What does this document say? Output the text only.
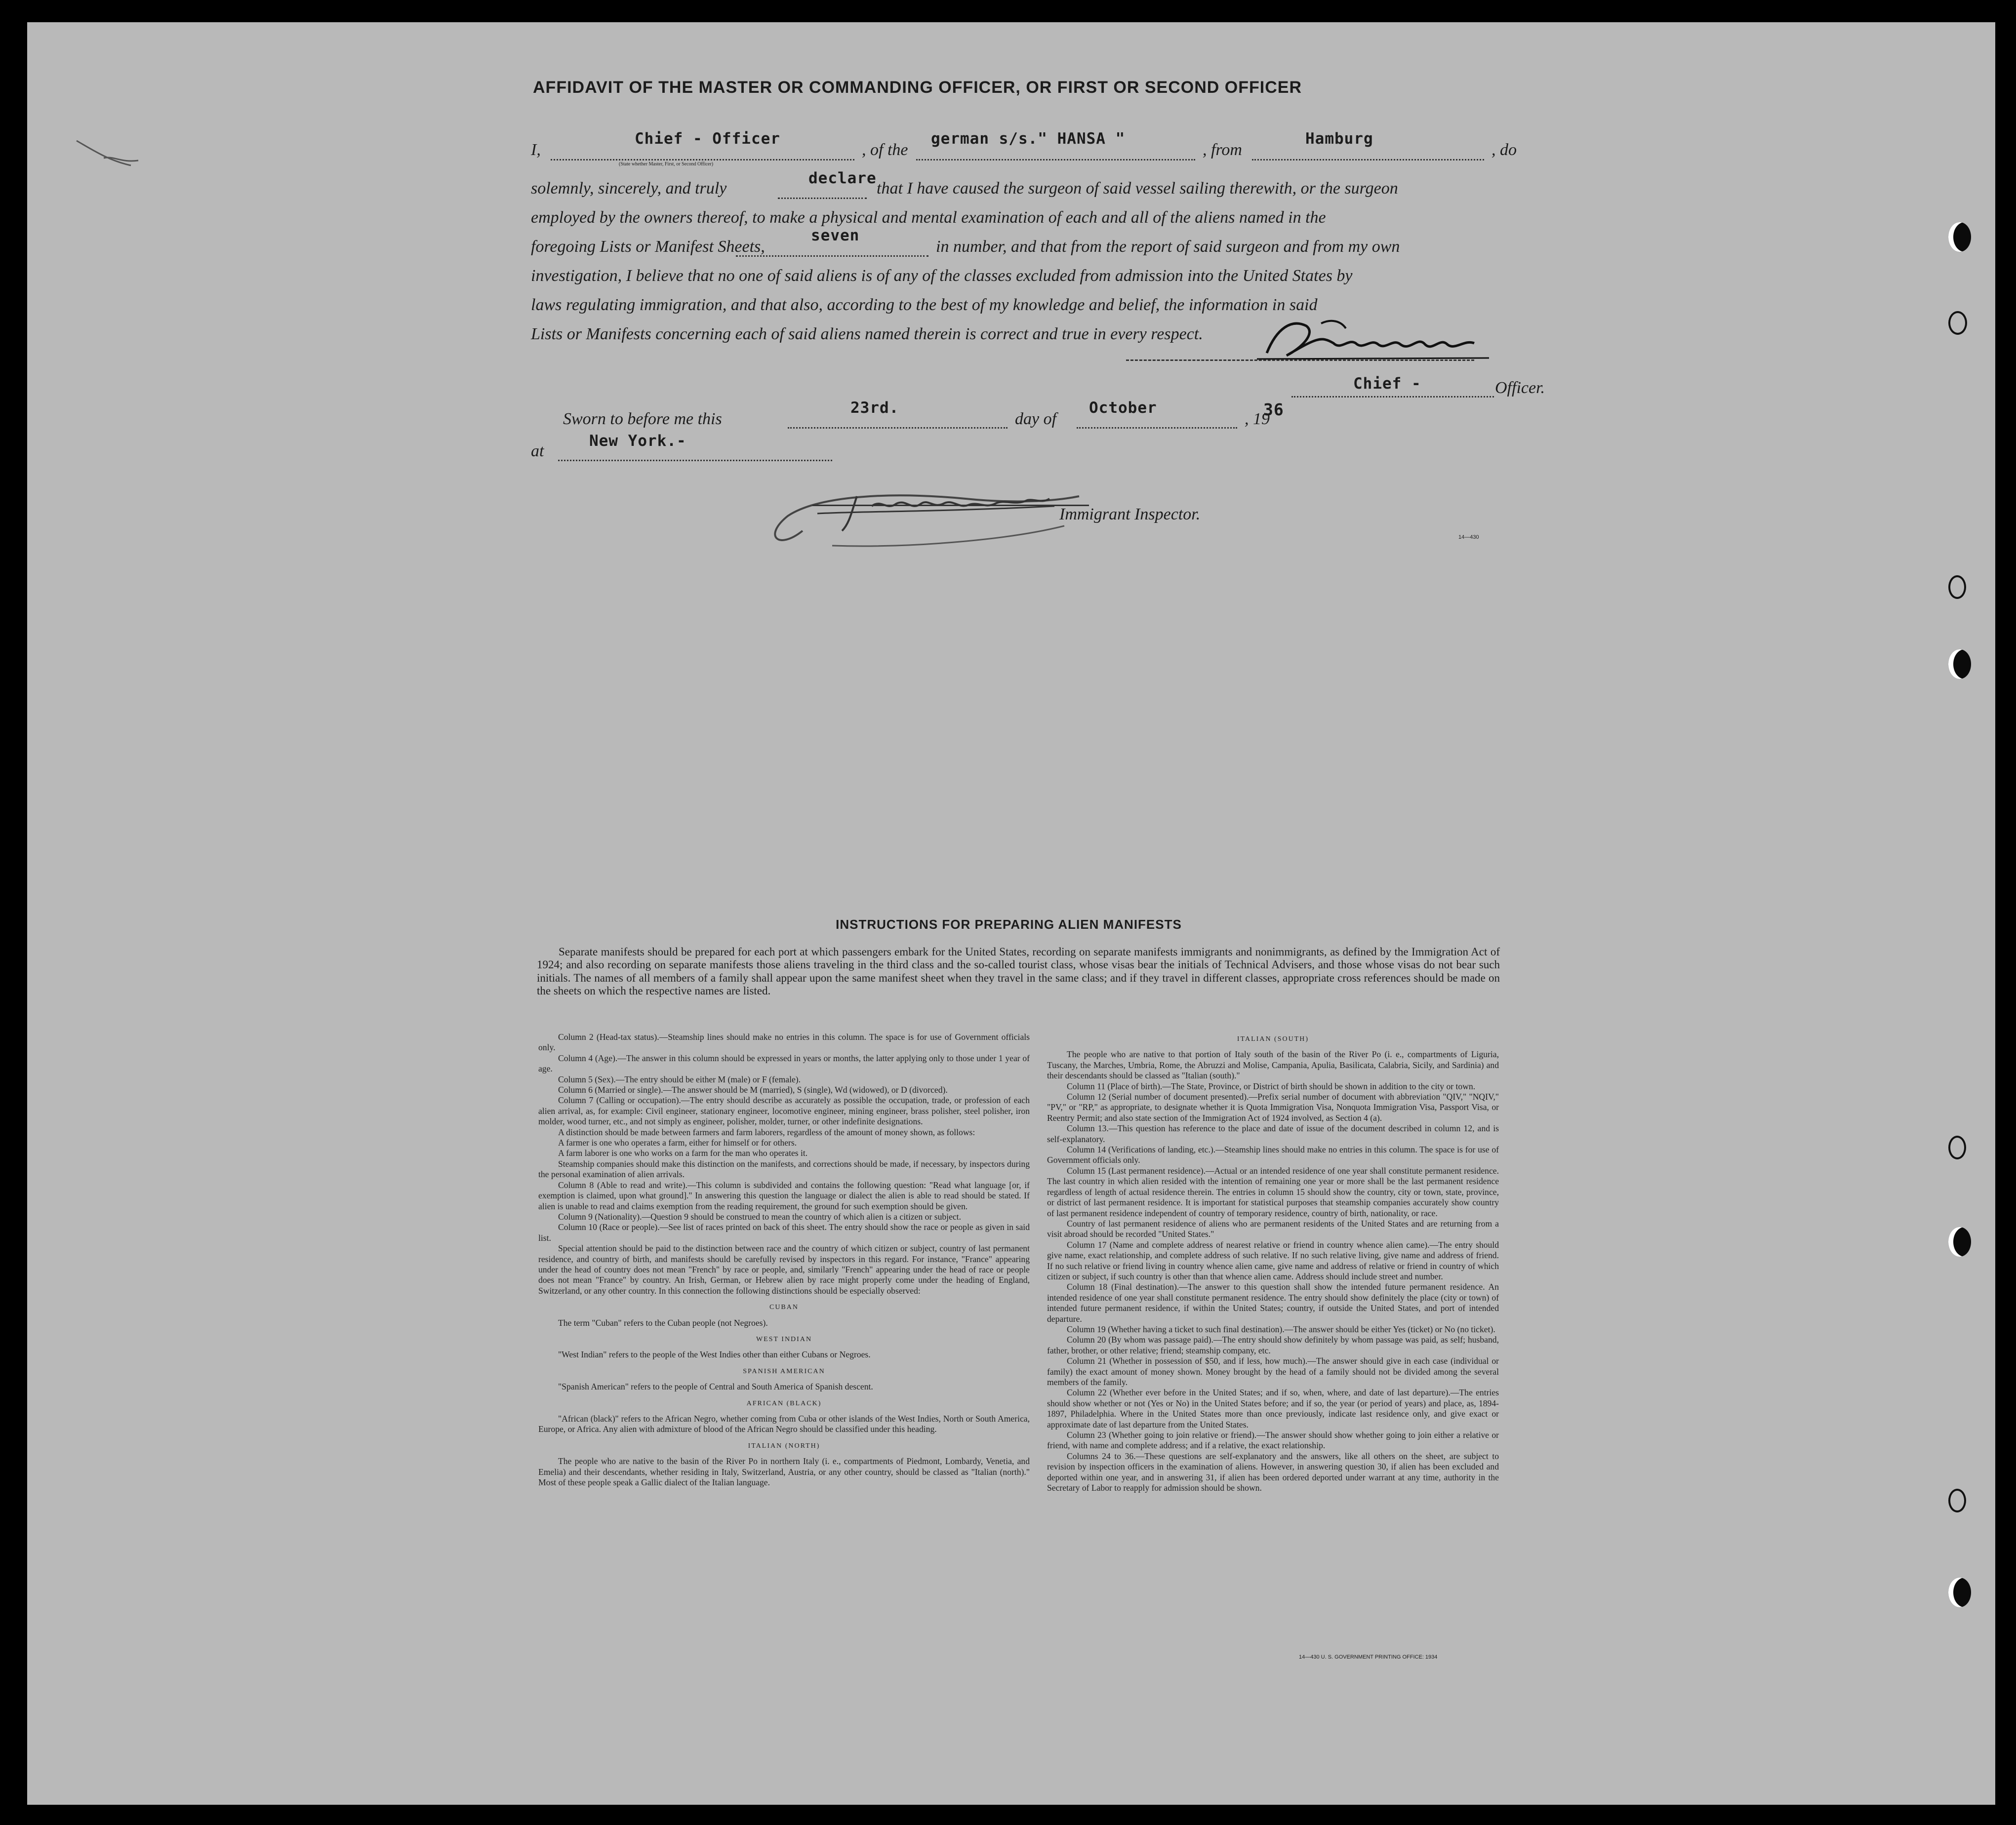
AFFIDAVIT OF THE MASTER OR COMMANDING OFFICER, OR FIRST OR SECOND OFFICER
I,
Chief - Officer
(State whether Master, First, or Second Officer)
, of the
german s/s." HANSA "
, from
Hamburg
, do
solemnly, sincerely, and truly
declare
that I have caused the surgeon of said vessel sailing therewith, or the surgeon
employed by the owners thereof, to make a physical and mental examination of each and all of the aliens named in the
foregoing Lists or Manifest Sheets,
seven
in number, and that from the report of said surgeon and from my own
investigation, I believe that no one of said aliens is of any of the classes excluded from admission into the United States by
laws regulating immigration, and that also, according to the best of my knowledge and belief, the information in said
Lists or Manifests concerning each of said aliens named therein is correct and true in every respect.
Chief -	Officer.
Sworn to before me this
23rd.
day of
October
, 19
36
at
New York.-
Immigrant Inspector.
14—430
INSTRUCTIONS FOR PREPARING ALIEN MANIFESTS

Separate manifests should be prepared for each port at which passengers embark for the United States, recording on separate manifests immigrants and nonimmigrants, as defined by the Immigration Act of 1924; and also recording on separate manifests those aliens traveling in the third class and the so-called tourist class, whose visas bear the initials of Technical Advisers, and those whose visas do not bear such initials. The names of all members of a family shall appear upon the same manifest sheet when they travel in the same class; and if they travel in different classes, appropriate cross references should be made on the sheets on which the respective names are listed.

Column 2 (Head-tax status).—Steamship lines should make no entries in this column. The space is for use of Government officials only.

Column 4 (Age).—The answer in this column should be expressed in years or months, the latter applying only to those under 1 year of age.

Column 5 (Sex).—The entry should be either M (male) or F (female).

Column 6 (Married or single).—The answer should be M (married), S (single), Wd (widowed), or D (divorced).

Column 7 (Calling or occupation).—The entry should describe as accurately as possible the occupation, trade, or profession of each alien arrival, as, for example: Civil engineer, stationary engineer, locomotive engineer, mining engineer, brass polisher, steel polisher, iron molder, wood turner, etc., and not simply as engineer, polisher, molder, turner, or other indefinite designations.

A distinction should be made between farmers and farm laborers, regardless of the amount of money shown, as follows:

A farmer is one who operates a farm, either for himself or for others.

A farm laborer is one who works on a farm for the man who operates it.

Steamship companies should make this distinction on the manifests, and corrections should be made, if necessary, by inspectors during the personal examination of alien arrivals.

Column 8 (Able to read and write).—This column is subdivided and contains the following question: "Read what language [or, if exemption is claimed, upon what ground]." In answering this question the language or dialect the alien is able to read should be stated. If alien is unable to read and claims exemption from the reading requirement, the ground for such exemption should be given.

Column 9 (Nationality).—Question 9 should be construed to mean the country of which alien is a citizen or subject.

Column 10 (Race or people).—See list of races printed on back of this sheet. The entry should show the race or people as given in said list.

Special attention should be paid to the distinction between race and the country of which citizen or subject, country of last permanent residence, and country of birth, and manifests should be carefully revised by inspectors in this regard. For instance, "France" appearing under the head of country does not mean "French" by race or people, and, similarly "French" appearing under the head of race or people does not mean "France" by country. An Irish, German, or Hebrew alien by race might properly come under the heading of England, Switzerland, or any other country. In this connection the following distinctions should be especially observed:

CUBAN

The term "Cuban" refers to the Cuban people (not Negroes).

WEST INDIAN

"West Indian" refers to the people of the West Indies other than either Cubans or Negroes.

SPANISH AMERICAN

"Spanish American" refers to the people of Central and South America of Spanish descent.

AFRICAN (BLACK)

"African (black)" refers to the African Negro, whether coming from Cuba or other islands of the West Indies, North or South America, Europe, or Africa. Any alien with admixture of blood of the African Negro should be classified under this heading.

ITALIAN (NORTH)

The people who are native to the basin of the River Po in northern Italy (i. e., compartments of Piedmont, Lombardy, Venetia, and Emelia) and their descendants, whether residing in Italy, Switzerland, Austria, or any other country, should be classed as "Italian (north)." Most of these people speak a Gallic dialect of the Italian language.

ITALIAN (SOUTH)

The people who are native to that portion of Italy south of the basin of the River Po (i. e., compartments of Liguria, Tuscany, the Marches, Umbria, Rome, the Abruzzi and Molise, Campania, Apulia, Basilicata, Calabria, Sicily, and Sardinia) and their descendants should be classed as "Italian (south)."

Column 11 (Place of birth).—The State, Province, or District of birth should be shown in addition to the city or town.

Column 12 (Serial number of document presented).—Prefix serial number of document with abbreviation "QIV," "NQIV," "PV," or "RP," as appropriate, to designate whether it is Quota Immigration Visa, Nonquota Immigration Visa, Passport Visa, or Reentry Permit; and also state section of the Immigration Act of 1924 involved, as Section 4 (a).

Column 13.—This question has reference to the place and date of issue of the document described in column 12, and is self-explanatory.

Column 14 (Verifications of landing, etc.).—Steamship lines should make no entries in this column. The space is for use of Government officials only.

Column 15 (Last permanent residence).—Actual or an intended residence of one year shall constitute permanent residence. The last country in which alien resided with the intention of remaining one year or more shall be the last permanent residence regardless of length of actual residence therein. The entries in column 15 should show the country, city or town, state, province, or district of last permanent residence. It is important for statistical purposes that steamship companies accurately show country of last permanent residence independent of country of temporary residence, country of birth, nationality, or race.

Country of last permanent residence of aliens who are permanent residents of the United States and are returning from a visit abroad should be recorded "United States."

Column 17 (Name and complete address of nearest relative or friend in country whence alien came).—The entry should give name, exact relationship, and complete address of such relative. If no such relative living, give name and address of friend. If no such relative or friend living in country whence alien came, give name and address of relative or friend in country of which citizen or subject, if such country is other than that whence alien came. Address should include street and number.

Column 18 (Final destination).—The answer to this question shall show the intended future permanent residence. An intended residence of one year shall constitute permanent residence. The entry should show definitely the place (city or town) of intended future permanent residence, if within the United States; country, if outside the United States, and port of intended departure.

Column 19 (Whether having a ticket to such final destination).—The answer should be either Yes (ticket) or No (no ticket).

Column 20 (By whom was passage paid).—The entry should show definitely by whom passage was paid, as self; husband, father, brother, or other relative; friend; steamship company, etc.

Column 21 (Whether in possession of $50, and if less, how much).—The answer should give in each case (individual or family) the exact amount of money shown. Money brought by the head of a family should not be divided among the several members of the family.

Column 22 (Whether ever before in the United States; and if so, when, where, and date of last departure).—The entries should show whether or not (Yes or No) in the United States before; and if so, the year (or period of years) and place, as, 1894-1897, Philadelphia. Where in the United States more than once previously, indicate last residence only, and give exact or approximate date of last departure from the United States.

Column 23 (Whether going to join relative or friend).—The answer should show whether going to join either a relative or friend, with name and complete address; and if a relative, the exact relationship.

Columns 24 to 36.—These questions are self-explanatory and the answers, like all others on the sheet, are subject to revision by inspection officers in the examination of aliens. However, in answering question 30, if alien has been excluded and deported within one year, and in answering 31, if alien has been ordered deported under warrant at any time, authority in the Secretary of Labor to reapply for admission should be shown.

14—430 U. S. GOVERNMENT PRINTING OFFICE: 1934
